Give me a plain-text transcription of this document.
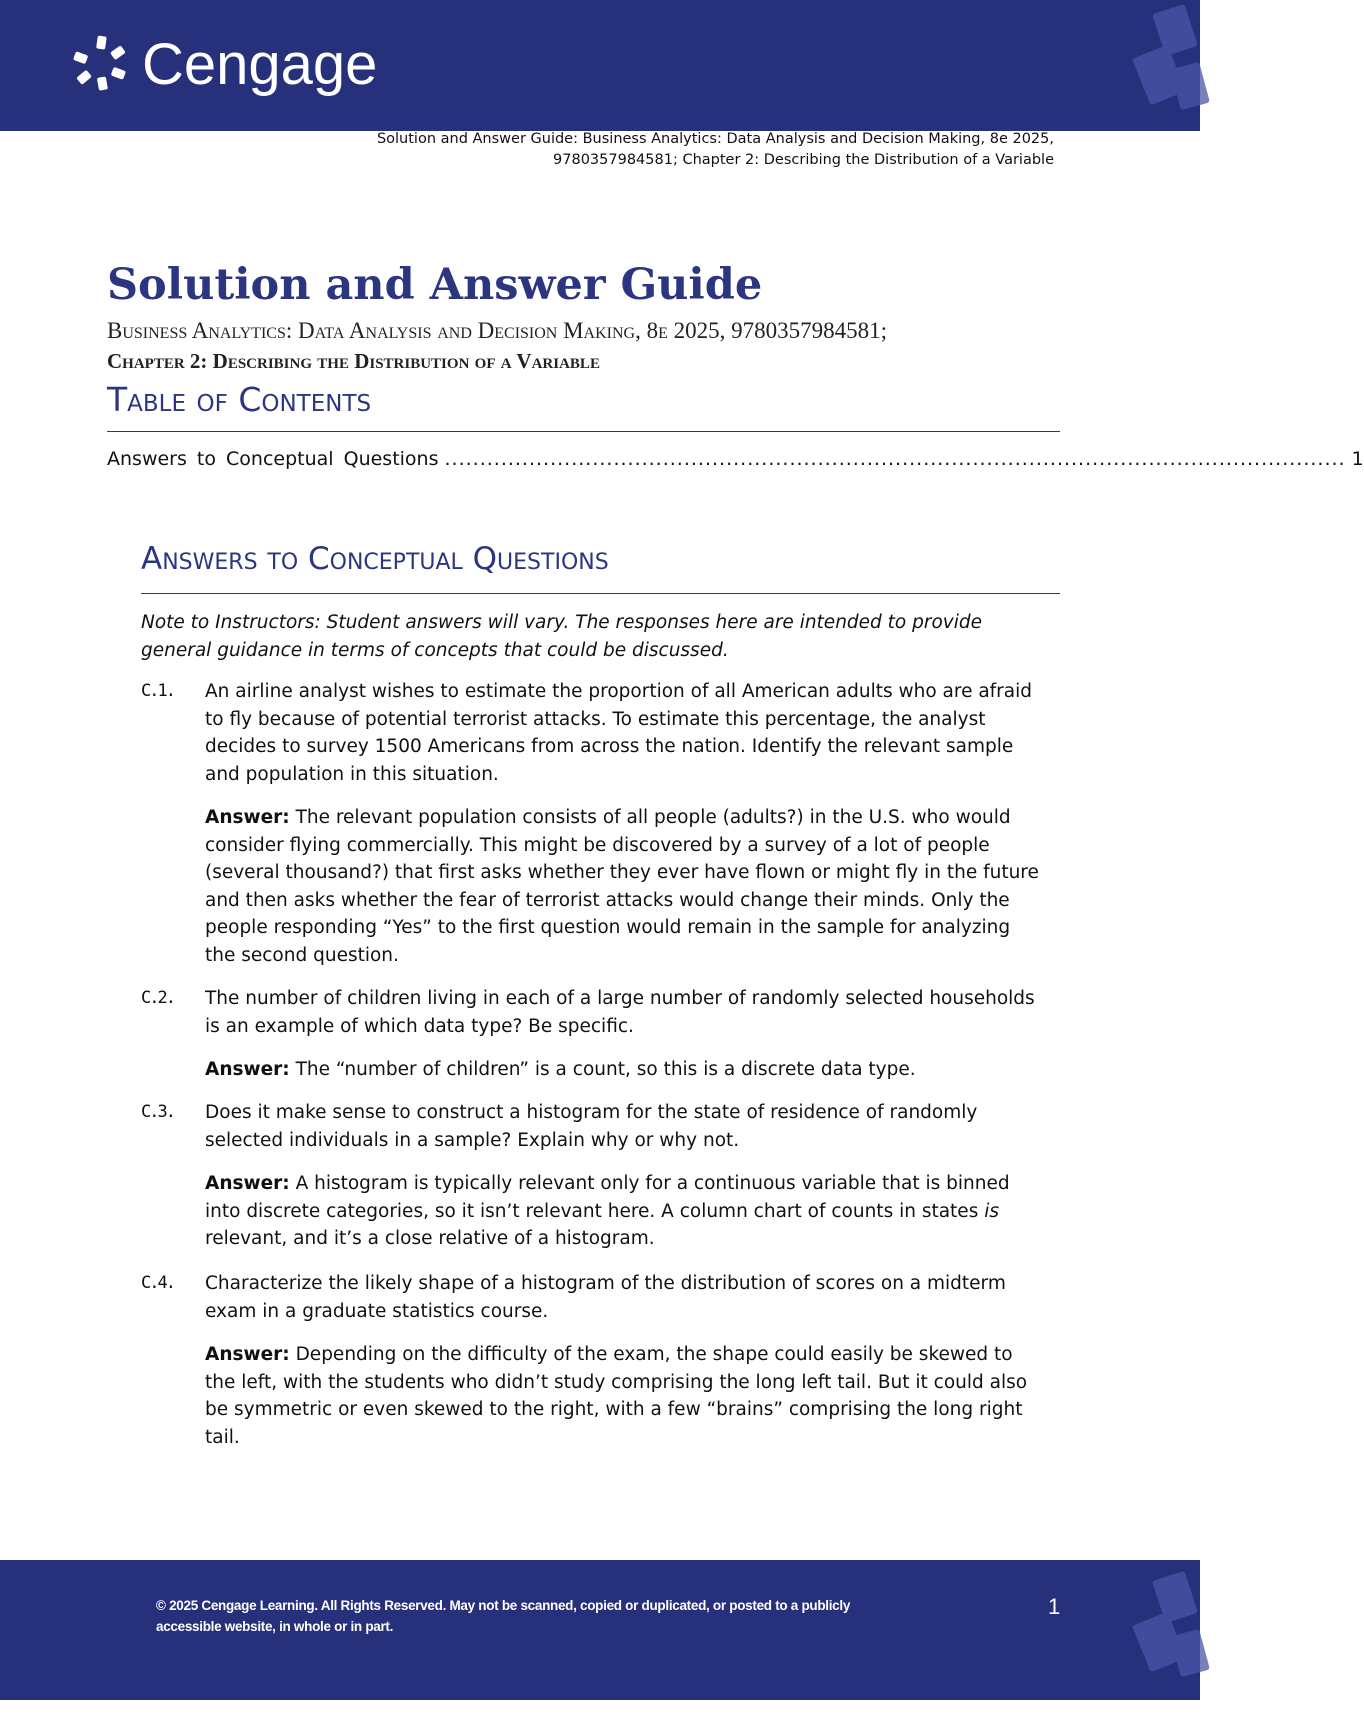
Cengage
Solution and Answer Guide: Business Analytics: Data Analysis and Decision Making, 8e 2025,
9780357984581; Chapter 2: Describing the Distribution of a Variable
Solution and Answer Guide
Business Analytics: Data Analysis and Decision Making, 8e 2025, 9780357984581;
Chapter 2: Describing the Distribution of a Variable
Table of Contents
Answers to Conceptual Questions ................................................................................................................................ 1
Answers to Conceptual Questions

Note to Instructors: Student answers will vary. The responses here are intended to provide general guidance in terms of concepts that could be discussed.

C.1. An airline analyst wishes to estimate the proportion of all American adults who are afraid to fly because of potential terrorist attacks. To estimate this percentage, the analyst decides to survey 1500 Americans from across the nation. Identify the relevant sample and population in this situation.

Answer: The relevant population consists of all people (adults?) in the U.S. who would consider flying commercially. This might be discovered by a survey of a lot of people (several thousand?) that first asks whether they ever have flown or might fly in the future and then asks whether the fear of terrorist attacks would change their minds. Only the people responding “Yes” to the first question would remain in the sample for analyzing the second question.

C.2. The number of children living in each of a large number of randomly selected households is an example of which data type? Be specific.

Answer: The “number of children” is a count, so this is a discrete data type.

C.3. Does it make sense to construct a histogram for the state of residence of randomly selected individuals in a sample? Explain why or why not.

Answer: A histogram is typically relevant only for a continuous variable that is binned into discrete categories, so it isn’t relevant here. A column chart of counts in states is relevant, and it’s a close relative of a histogram.

C.4. Characterize the likely shape of a histogram of the distribution of scores on a midterm exam in a graduate statistics course.

Answer: Depending on the difficulty of the exam, the shape could easily be skewed to the left, with the students who didn’t study comprising the long left tail. But it could also be symmetric or even skewed to the right, with a few “brains” comprising the long right tail.

© 2025 Cengage Learning. All Rights Reserved. May not be scanned, copied or duplicated, or posted to a publicly
accessible website, in whole or in part.
1
